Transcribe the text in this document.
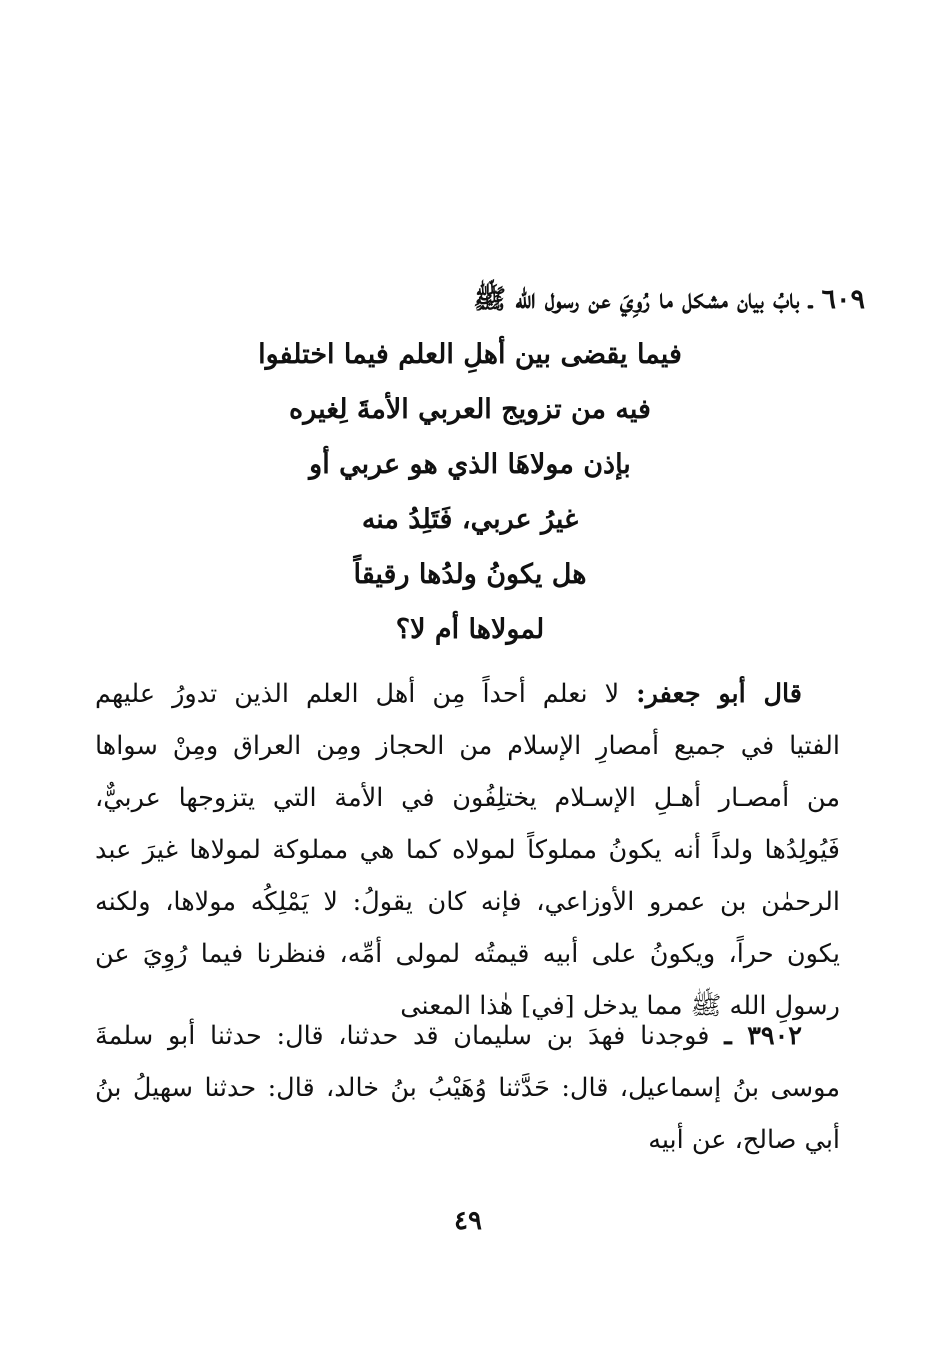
٦٠٩ ـ بابُ بيان مشكل ما رُوِيَ عن رسول الله ﷺ
فيما يقضى بين أهلِ العلم فيما اختلفوا
فيه من تزويج العربي الأمةَ لِغيره
بإذن مولاهَا الذي هو عربي أو
غيرُ عربي، فَتَلِدُ منه
هل يكونُ ولدُها رقيقاً
لمولاها أم لا؟
قال أبو جعفر: لا نعلم أحداً مِن أهل العلم الذين تدورُ عليهم
الفتيا في جميع أمصارِ الإسلام من الحجاز ومِن العراق ومِنْ سواها
من أمصـار أهـلِ الإسـلام يختلِفُون في الأمة التي يتزوجها عربيٌّ،
فَيُولِدُها ولداً أنه يكونُ مملوكاً لمولاه كما هي مملوكة لمولاها غيرَ عبد
الرحمٰن بن عمرو الأوزاعي، فإنه كان يقولُ: لا يَمْلِكُه مولاها، ولكنه
يكون حراً، ويكونُ على أبيه قيمتُه لمولى أمِّه، فنظرنا فيما رُوِيَ عن
رسولِ الله ﷺ مما يدخل [في] هٰذا المعنى
٣٩٠٢ ـ فوجدنا فهدَ بن سليمان قد حدثنا، قال: حدثنا أبو سلمةَ
موسى بنُ إسماعيل، قال: حَدَّثنا وُهَيْبُ بنُ خالد، قال: حدثنا سهيلُ بنُ
أبي صالح، عن أبيه
٤٩
